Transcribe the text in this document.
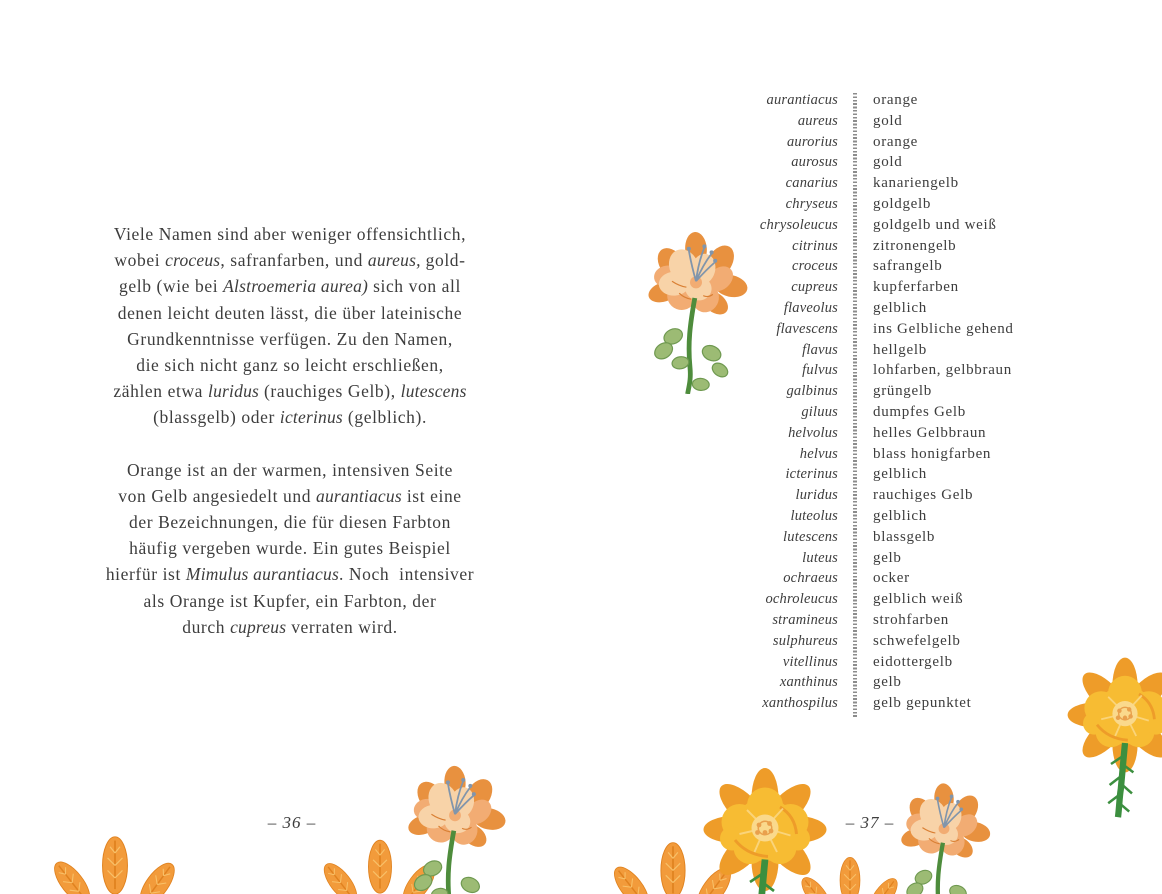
Viele Namen sind aber weniger offensichtlich,
wobei croceus, safranfarben, und aureus, gold-
gelb (wie bei Alstroemeria aurea) sich von all
denen leicht deuten lässt, die über lateinische
Grundkenntnisse verfügen. Zu den Namen,
die sich nicht ganz so leicht erschließen,
zählen etwa luridus (rauchiges Gelb), lutescens
(blassgelb) oder icterinus (gelblich).
Orange ist an der warmen, intensiven Seite
von Gelb angesiedelt und aurantiacus ist eine
der Bezeichnungen, die für diesen Farbton
häufig vergeben wurde. Ein gutes Beispiel
hierfür ist Mimulus aurantiacus. Noch  intensiver
als Orange ist Kupfer, ein Farbton, der
durch cupreus verraten wird.
– 36 –
aurantiacus	orange
aureus	gold
aurorius	orange
aurosus	gold
canarius	kanariengelb
chryseus	goldgelb
chrysoleucus	goldgelb und weiß
citrinus	zitronengelb
croceus	safrangelb
cupreus	kupferfarben
flaveolus	gelblich
flavescens	ins Gelbliche gehend
flavus	hellgelb
fulvus	lohfarben, gelbbraun
galbinus	grüngelb
giluus	dumpfes Gelb
helvolus	helles Gelbbraun
helvus	blass honigfarben
icterinus	gelblich
luridus	rauchiges Gelb
luteolus	gelblich
lutescens	blassgelb
luteus	gelb
ochraeus	ocker
ochroleucus	gelblich weiß
stramineus	strohfarben
sulphureus	schwefelgelb
vitellinus	eidottergelb
xanthinus	gelb
xanthospilus	gelb gepunktet
– 37 –
